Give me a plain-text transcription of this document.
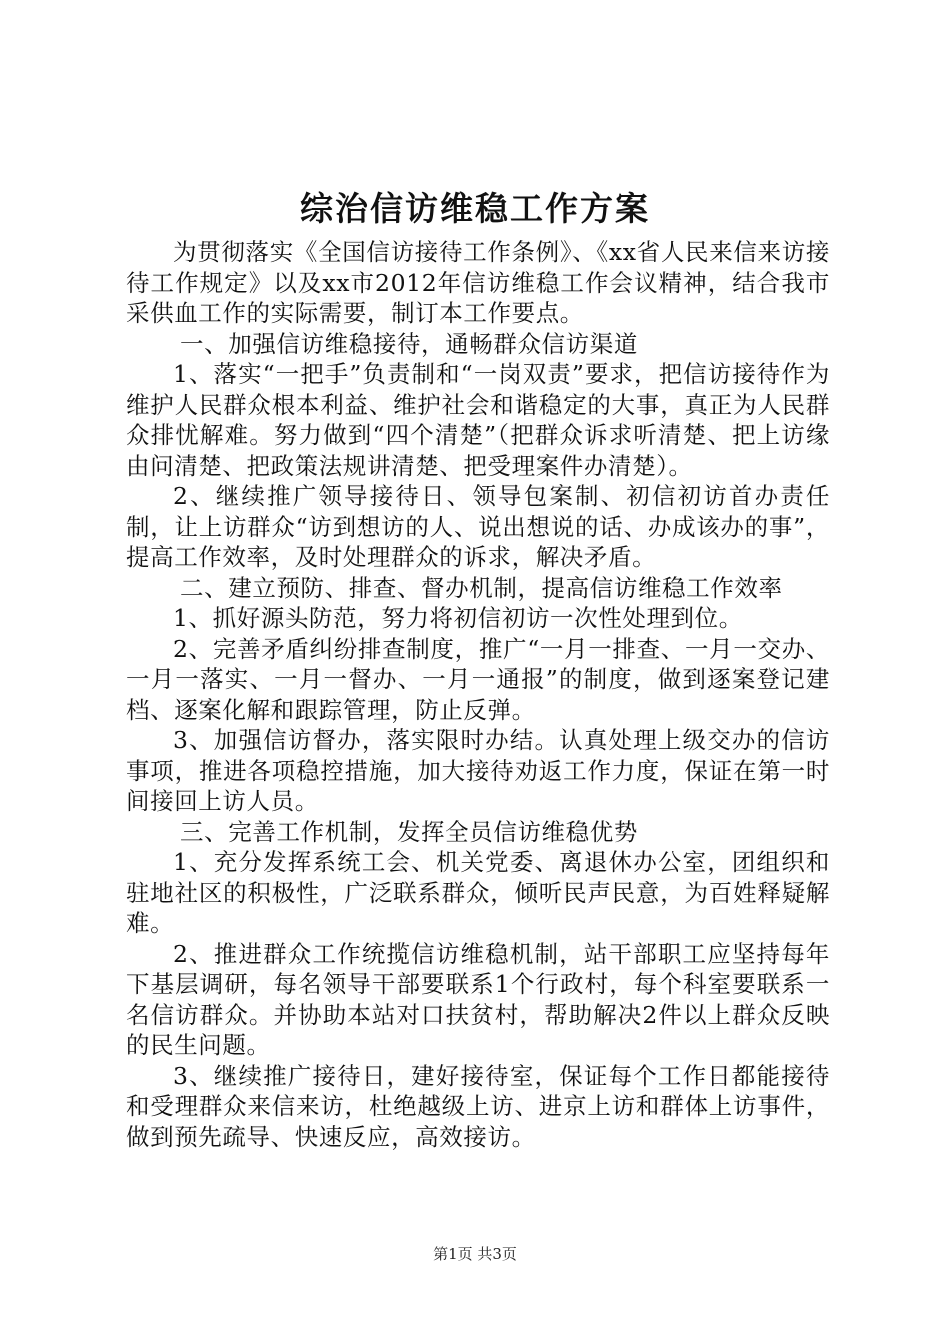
综治信访维稳工作方案

为贯彻落实《全国信访接待工作条例》、《xx省人民来信来访接待工作规定》以及xx市2012年信访维稳工作会议精神，结合我市采供血工作的实际需要，制订本工作要点。

一、加强信访维稳接待，通畅群众信访渠道

1、落实“一把手”负责制和“一岗双责”要求，把信访接待作为维护人民群众根本利益、维护社会和谐稳定的大事，真正为人民群众排忧解难。努力做到“四个清楚”（把群众诉求听清楚、把上访缘由问清楚、把政策法规讲清楚、把受理案件办清楚）。

2、继续推广领导接待日、领导包案制、初信初访首办责任制，让上访群众“访到想访的人、说出想说的话、办成该办的事”，提高工作效率，及时处理群众的诉求，解决矛盾。

二、建立预防、排查、督办机制，提高信访维稳工作效率

1、抓好源头防范，努力将初信初访一次性处理到位。

2、完善矛盾纠纷排查制度，推广“一月一排查、一月一交办、一月一落实、一月一督办、一月一通报”的制度，做到逐案登记建档、逐案化解和跟踪管理，防止反弹。

3、加强信访督办，落实限时办结。认真处理上级交办的信访事项，推进各项稳控措施，加大接待劝返工作力度，保证在第一时间接回上访人员。

三、完善工作机制，发挥全员信访维稳优势

1、充分发挥系统工会、机关党委、离退休办公室，团组织和驻地社区的积极性，广泛联系群众，倾听民声民意，为百姓释疑解难。

2、推进群众工作统揽信访维稳机制，站干部职工应坚持每年下基层调研，每名领导干部要联系1个行政村，每个科室要联系一名信访群众。并协助本站对口扶贫村，帮助解决2件以上群众反映的民生问题。

3、继续推广接待日，建好接待室，保证每个工作日都能接待和受理群众来信来访，杜绝越级上访、进京上访和群体上访事件，做到预先疏导、快速反应，高效接访。

第1页 共3页
